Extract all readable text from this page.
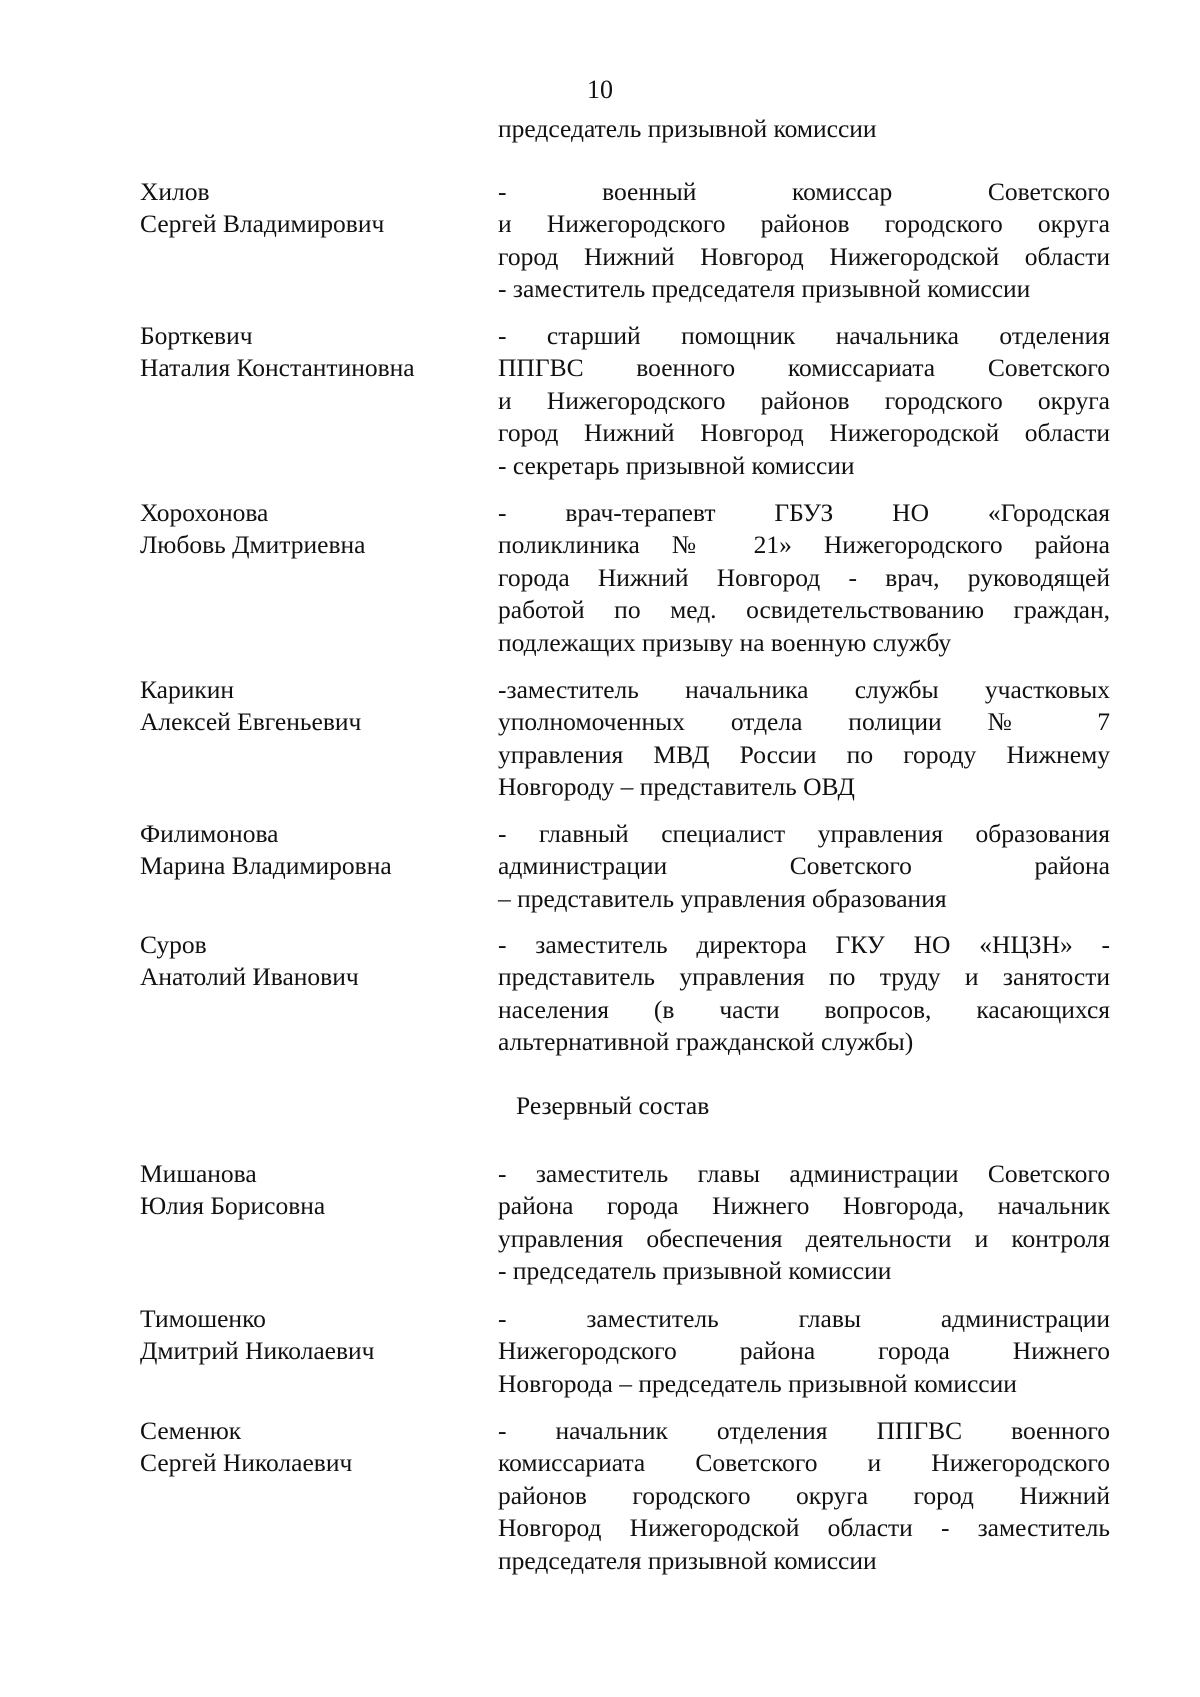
10
председатель призывной комиссии
Хилов
Сергей Владимирович
- военный комиссар Советского
и Нижегородского районов городского округа
город Нижний Новгород Нижегородской области
- заместитель председателя призывной комиссии
Борткевич
Наталия Константиновна
- старший помощник начальника отделения
ППГВС военного комиссариата Советского
и Нижегородского районов городского округа
город Нижний Новгород Нижегородской области
- секретарь призывной комиссии
Хорохонова
Любовь Дмитриевна
- врач-терапевт ГБУЗ НО «Городская
поликлиника № 21» Нижегородского района
города Нижний Новгород - врач, руководящей
работой по мед. освидетельствованию граждан,
подлежащих призыву на военную службу
Карикин
Алексей Евгеньевич
-заместитель начальника службы участковых
уполномоченных отдела полиции № 7
управления МВД России по городу Нижнему
Новгороду – представитель ОВД
Филимонова
Марина Владимировна
- главный специалист управления образования
администрации Советского района
– представитель управления образования
Суров
Анатолий Иванович
- заместитель директора ГКУ НО «НЦЗН» -
представитель управления по труду и занятости
населения (в части вопросов, касающихся
альтернативной гражданской службы)
Резервный состав
Мишанова
Юлия Борисовна
- заместитель главы администрации Советского
района города Нижнего Новгорода, начальник
управления обеспечения деятельности и контроля
- председатель призывной комиссии
Тимошенко
Дмитрий Николаевич
- заместитель главы администрации
Нижегородского района города Нижнего
Новгорода – председатель призывной комиссии
Семенюк
Сергей Николаевич
- начальник отделения ППГВС военного
комиссариата Советского и Нижегородского
районов городского округа город Нижний
Новгород Нижегородской области - заместитель
председателя призывной комиссии
